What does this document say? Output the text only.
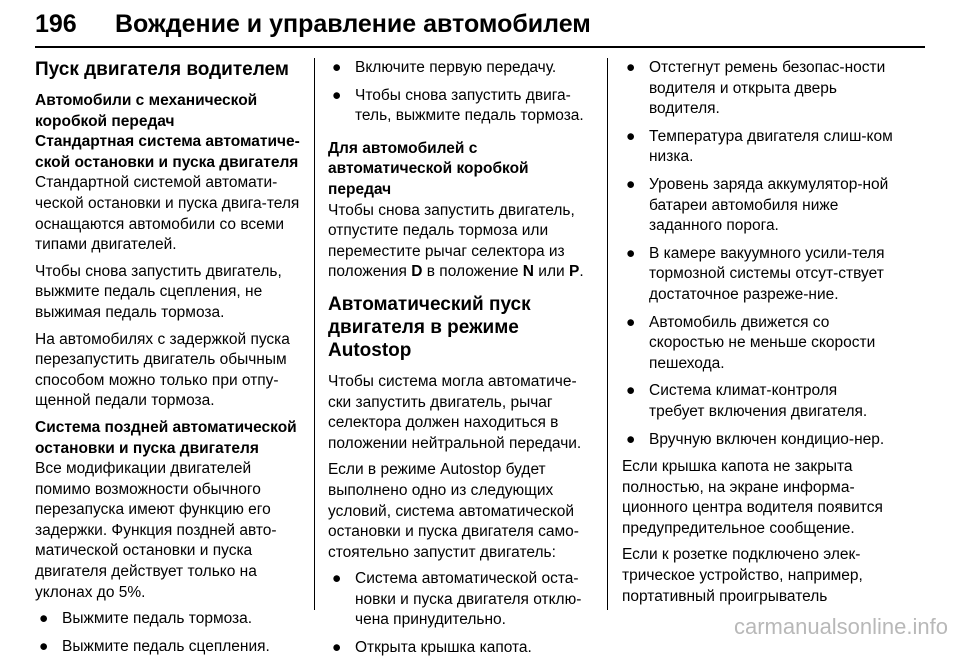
196 Вождение и управление автомобилем
Пуск двигателя водителем
Автомобили с механической коробкой передач
Стандартная система автоматиче-ской остановки и пуска двигателя

Стандартной системой автомати-ческой остановки и пуска двига-теля оснащаются автомобили со всеми типами двигателей.

Чтобы снова запустить двигатель, выжмите педаль сцепления, не выжимая педаль тормоза.

На автомобилях с задержкой пуска перезапустить двигатель обычным способом можно только при отпу-щенной педали тормоза.

Система поздней автоматической остановки и пуска двигателя

Все модификации двигателей помимо возможности обычного перезапуска имеют функцию его задержки. Функция поздней авто-матической остановки и пуска двигателя действует только на уклонах до 5%.

● Выжмите педаль тормоза.
● Выжмите педаль сцепления.
● Включите первую передачу.
● Чтобы снова запустить двига-тель, выжмите педаль тормоза.
Для автомобилей с автоматической коробкой передач

Чтобы снова запустить двигатель, отпустите педаль тормоза или переместите рычаг селектора из положения D в положение N или P.

Автоматический пуск двигателя в режиме Autostop

Чтобы система могла автоматиче-ски запустить двигатель, рычаг селектора должен находиться в положении нейтральной передачи.

Если в режиме Autostop будет выполнено одно из следующих условий, система автоматической остановки и пуска двигателя само-стоятельно запустит двигатель:

● Система автоматической оста-новки и пуска двигателя отклю-чена принудительно.
● Открыта крышка капота.
● Отстегнут ремень безопас-ности водителя и открыта дверь водителя.
● Температура двигателя слиш-ком низка.
● Уровень заряда аккумулятор-ной батареи автомобиля ниже заданного порога.
● В камере вакуумного усили-теля тормозной системы отсут-ствует достаточное разреже-ние.
● Автомобиль движется со скоростью не меньше скорости пешехода.
● Система климат-контроля требует включения двигателя.
● Вручную включен кондицио-нер.

Если крышка капота не закрыта полностью, на экране информа-ционного центра водителя появится предупредительное сообщение.

Если к розетке подключено элек-трическое устройство, например, портативный проигрыватель

carmanualsonline.info
